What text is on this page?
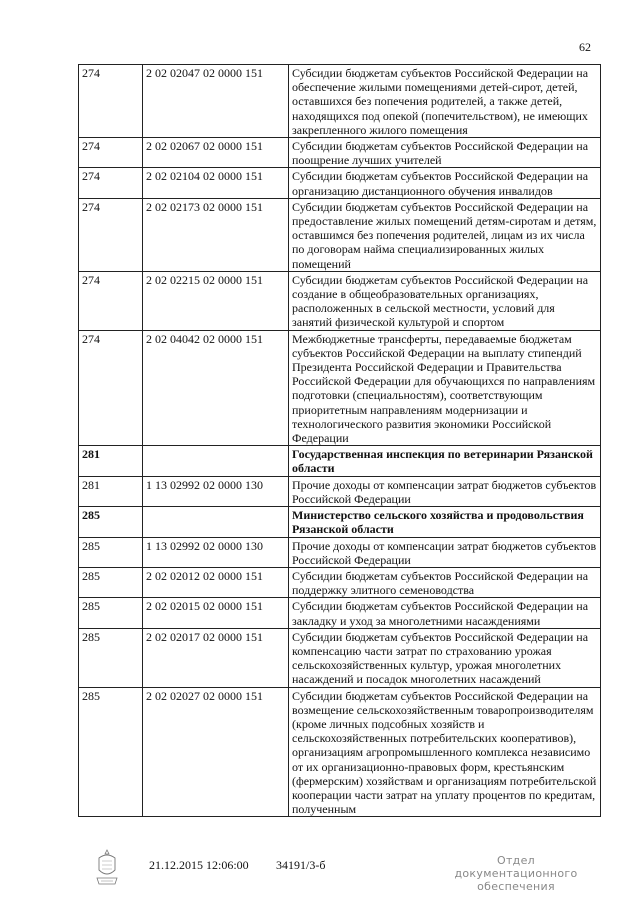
62
274	2 02 02047 02 0000 151	Субсидии бюджетам субъектов Российской Федерации на обеспечение жилыми помещениями детей-сирот, детей, оставшихся без попечения родителей, а также детей, находящихся под опекой (попечительством), не имеющих закрепленного жилого помещения
274	2 02 02067 02 0000 151	Субсидии бюджетам субъектов Российской Федерации на поощрение лучших учителей
274	2 02 02104 02 0000 151	Субсидии бюджетам субъектов Российской Федерации на организацию дистанционного обучения инвалидов
274	2 02 02173 02 0000 151	Субсидии бюджетам субъектов Российской Федерации на предоставление жилых помещений детям-сиротам и детям, оставшимся без попечения родителей, лицам из их числа по договорам найма специализированных жилых помещений
274	2 02 02215 02 0000 151	Субсидии бюджетам субъектов Российской Федерации на создание в общеобразовательных организациях, расположенных в сельской местности, условий для занятий физической культурой и спортом
274	2 02 04042 02 0000 151	Межбюджетные трансферты, передаваемые бюджетам субъектов Российской Федерации на выплату стипендий Президента Российской Федерации и Правительства Российской Федерации для обучающихся по направлениям подготовки (специальностям), соответствующим приоритетным направлениям модернизации и технологического развития экономики Российской Федерации
281		Государственная инспекция по ветеринарии Рязанской области
281	1 13 02992 02 0000 130	Прочие доходы от компенсации затрат бюджетов субъектов Российской Федерации
285		Министерство сельского хозяйства и продовольствия Рязанской области
285	1 13 02992 02 0000 130	Прочие доходы от компенсации затрат бюджетов субъектов Российской Федерации
285	2 02 02012 02 0000 151	Субсидии бюджетам субъектов Российской Федерации на поддержку элитного семеноводства
285	2 02 02015 02 0000 151	Субсидии бюджетам субъектов Российской Федерации на закладку и уход за многолетними насаждениями
285	2 02 02017 02 0000 151	Субсидии бюджетам субъектов Российской Федерации на компенсацию части затрат по страхованию урожая сельскохозяйственных культур, урожая многолетних насаждений и посадок многолетних насаждений
285	2 02 02027 02 0000 151	Субсидии бюджетам субъектов Российской Федерации на возмещение сельскохозяйственным товаропроизводителям (кроме личных подсобных хозяйств и сельскохозяйственных потребительских кооперативов), организациям агропромышленного комплекса независимо от их организационно-правовых форм, крестьянским (фермерским) хозяйствам и организациям потребительской кооперации части затрат на уплату процентов по кредитам, полученным
21.12.2015 12:06:00 34191/3-б	Отдел документационного
обеспечения
